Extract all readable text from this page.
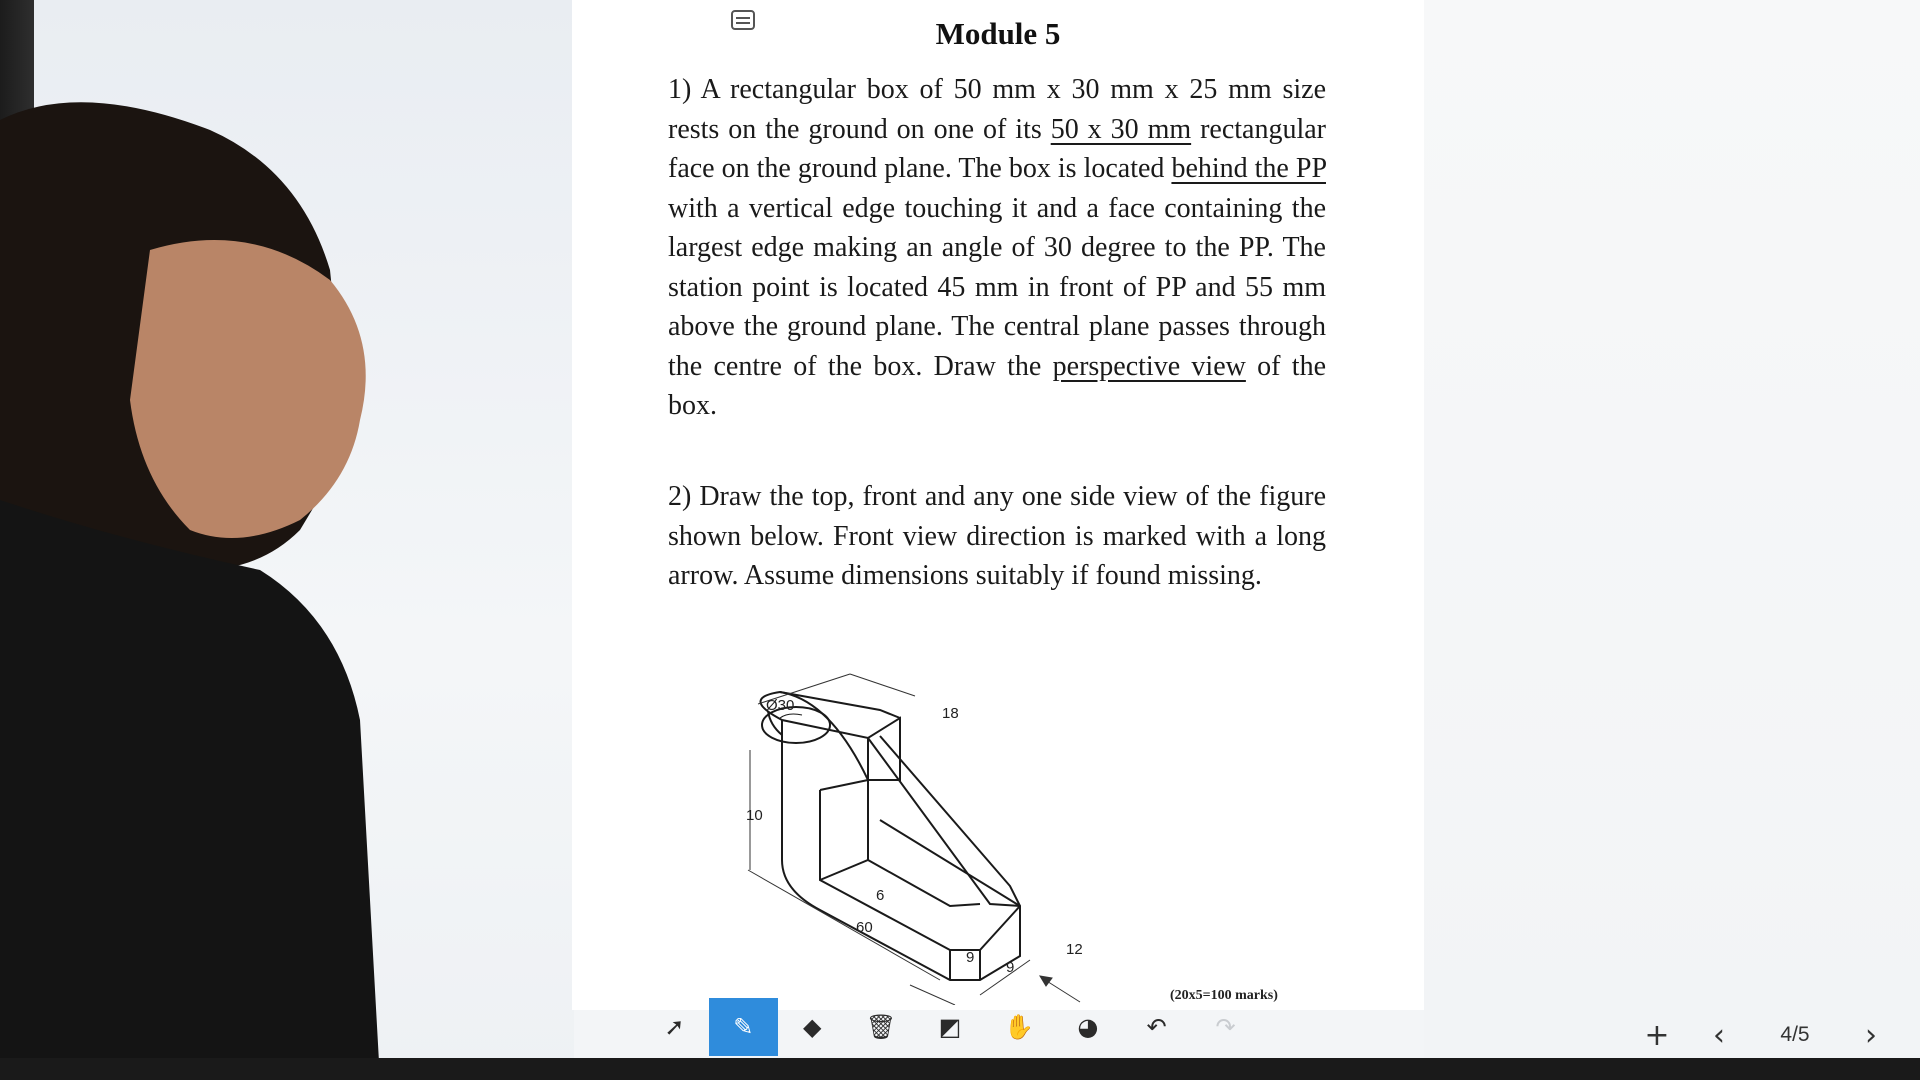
Module 5

1) A rectangular box of 50 mm x 30 mm x 25 mm size rests on the ground on one of its 50 x 30 mm rectangular face on the ground plane. The box is located behind the PP with a vertical edge touching it and a face containing the largest edge making an angle of 30 degree to the PP. The station point is located 45 mm in front of PP and 55 mm above the ground plane. The central plane passes through the centre of the box. Draw the perspective view of the box.

2) Draw the top, front and any one side view of the figure shown below. Front view direction is marked with a long arrow. Assume dimensions suitably if found missing.

Ø30	18
10
6
60
9
9
12
(20x5=100 marks)
➚	✎	◆	🗑	◩	✋	◕	↶	↷	+	‹	4/5	›
